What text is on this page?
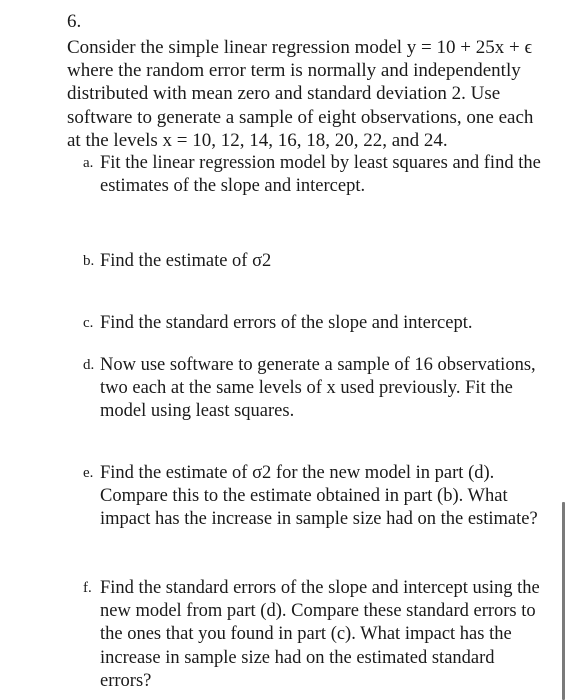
6.

Consider the simple linear regression model y = 10 + 25x + ϵ where the random error term is normally and independently distributed with mean zero and standard deviation 2. Use software to generate a sample of eight observations, one each at the levels x = 10, 12, 14, 16, 18, 20, 22, and 24.

a. Fit the linear regression model by least squares and find the estimates of the slope and intercept.

b. Find the estimate of σ2

c. Find the standard errors of the slope and intercept.

d. Now use software to generate a sample of 16 observations, two each at the same levels of x used previously. Fit the model using least squares.

e. Find the estimate of σ2 for the new model in part (d). Compare this to the estimate obtained in part (b). What impact has the increase in sample size had on the estimate?

f. Find the standard errors of the slope and intercept using the new model from part (d). Compare these standard errors to the ones that you found in part (c). What impact has the increase in sample size had on the estimated standard errors?
